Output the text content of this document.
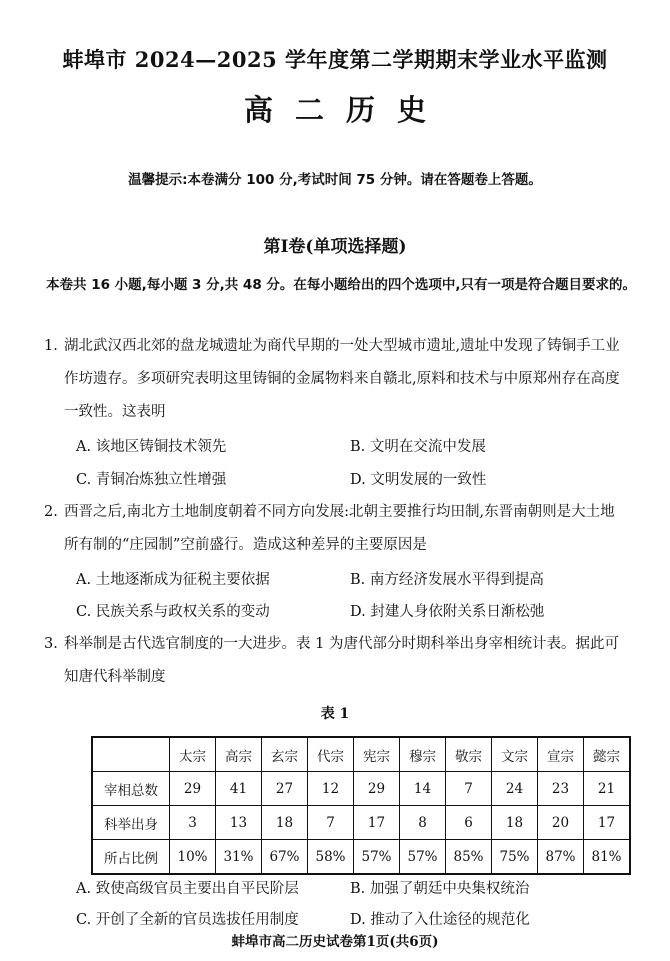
蚌埠市 2024—2025 学年度第二学期期末学业水平监测
高二历史
温馨提示:本卷满分 100 分,考试时间 75 分钟。请在答题卷上答题。
第Ⅰ卷(单项选择题)
本卷共 16 小题,每小题 3 分,共 48 分。在每小题给出的四个选项中,只有一项是符合题目要求的。
1. 湖北武汉西北郊的盘龙城遗址为商代早期的一处大型城市遗址,遗址中发现了铸铜手工业
作坊遗存。多项研究表明这里铸铜的金属物料来自赣北,原料和技术与中原郑州存在高度
一致性。这表明
A. 该地区铸铜技术领先	B. 文明在交流中发展
C. 青铜冶炼独立性增强	D. 文明发展的一致性
2. 西晋之后,南北方土地制度朝着不同方向发展:北朝主要推行均田制,东晋南朝则是大土地
所有制的“庄园制”空前盛行。造成这种差异的主要原因是
A. 土地逐渐成为征税主要依据	B. 南方经济发展水平得到提高
C. 民族关系与政权关系的变动	D. 封建人身依附关系日渐松弛
3. 科举制是古代选官制度的一大进步。表 1 为唐代部分时期科举出身宰相统计表。据此可
知唐代科举制度
表 1
	太宗	高宗	玄宗	代宗	宪宗	穆宗	敬宗	文宗	宣宗	懿宗
宰相总数	29	41	27	12	29	14	7	24	23	21
科举出身	3	13	18	7	17	8	6	18	20	17
所占比例	10%	31%	67%	58%	57%	57%	85%	75%	87%	81%
A. 致使高级官员主要出自平民阶层	B. 加强了朝廷中央集权统治
C. 开创了全新的官员选拔任用制度	D. 推动了入仕途径的规范化
蚌埠市高二历史试卷第1页(共6页)
